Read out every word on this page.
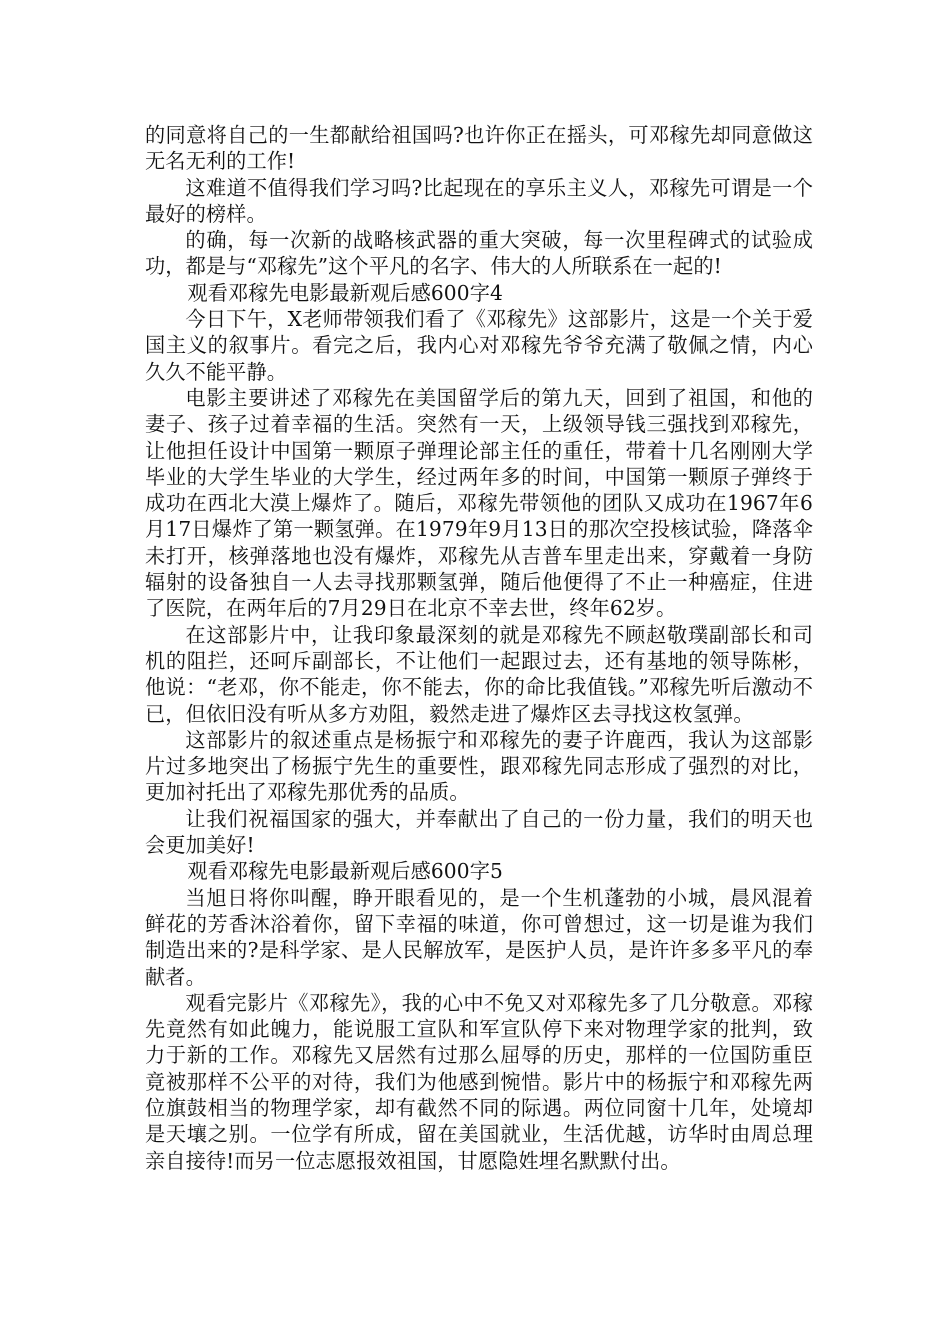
的同意将自己的一生都献给祖国吗?也许你正在摇头，可邓稼先却同意做这无名无利的工作!

这难道不值得我们学习吗?比起现在的享乐主义人，邓稼先可谓是一个最好的榜样。

的确，每一次新的战略核武器的重大突破，每一次里程碑式的试验成功，都是与“邓稼先”这个平凡的名字、伟大的人所联系在一起的!

观看邓稼先电影最新观后感600字4

今日下午，X老师带领我们看了《邓稼先》这部影片，这是一个关于爱国主义的叙事片。看完之后，我内心对邓稼先爷爷充满了敬佩之情，内心久久不能平静。

电影主要讲述了邓稼先在美国留学后的第九天，回到了祖国，和他的妻子、孩子过着幸福的生活。突然有一天，上级领导钱三强找到邓稼先，让他担任设计中国第一颗原子弹理论部主任的重任，带着十几名刚刚大学毕业的大学生毕业的大学生，经过两年多的时间，中国第一颗原子弹终于成功在西北大漠上爆炸了。随后，邓稼先带领他的团队又成功在1967年6月17日爆炸了第一颗氢弹。在1979年9月13日的那次空投核试验，降落伞未打开，核弹落地也没有爆炸，邓稼先从吉普车里走出来，穿戴着一身防辐射的设备独自一人去寻找那颗氢弹，随后他便得了不止一种癌症，住进了医院，在两年后的7月29日在北京不幸去世，终年62岁。

在这部影片中，让我印象最深刻的就是邓稼先不顾赵敬璞副部长和司机的阻拦，还呵斥副部长，不让他们一起跟过去，还有基地的领导陈彬，他说：“老邓，你不能走，你不能去，你的命比我值钱。”邓稼先听后激动不已，但依旧没有听从多方劝阻，毅然走进了爆炸区去寻找这枚氢弹。

这部影片的叙述重点是杨振宁和邓稼先的妻子许鹿西，我认为这部影片过多地突出了杨振宁先生的重要性，跟邓稼先同志形成了强烈的对比，更加衬托出了邓稼先那优秀的品质。

让我们祝福国家的强大，并奉献出了自己的一份力量，我们的明天也会更加美好!

观看邓稼先电影最新观后感600字5

当旭日将你叫醒，睁开眼看见的，是一个生机蓬勃的小城，晨风混着鲜花的芳香沐浴着你，留下幸福的味道，你可曾想过，这一切是谁为我们制造出来的?是科学家、是人民解放军，是医护人员，是许许多多平凡的奉献者。

观看完影片《邓稼先》，我的心中不免又对邓稼先多了几分敬意。邓稼先竟然有如此魄力，能说服工宣队和军宣队停下来对物理学家的批判，致力于新的工作。邓稼先又居然有过那么屈辱的历史，那样的一位国防重臣竟被那样不公平的对待，我们为他感到惋惜。影片中的杨振宁和邓稼先两位旗鼓相当的物理学家，却有截然不同的际遇。两位同窗十几年，处境却是天壤之别。一位学有所成，留在美国就业，生活优越，访华时由周总理亲自接待!而另一位志愿报效祖国，甘愿隐姓埋名默默付出。
